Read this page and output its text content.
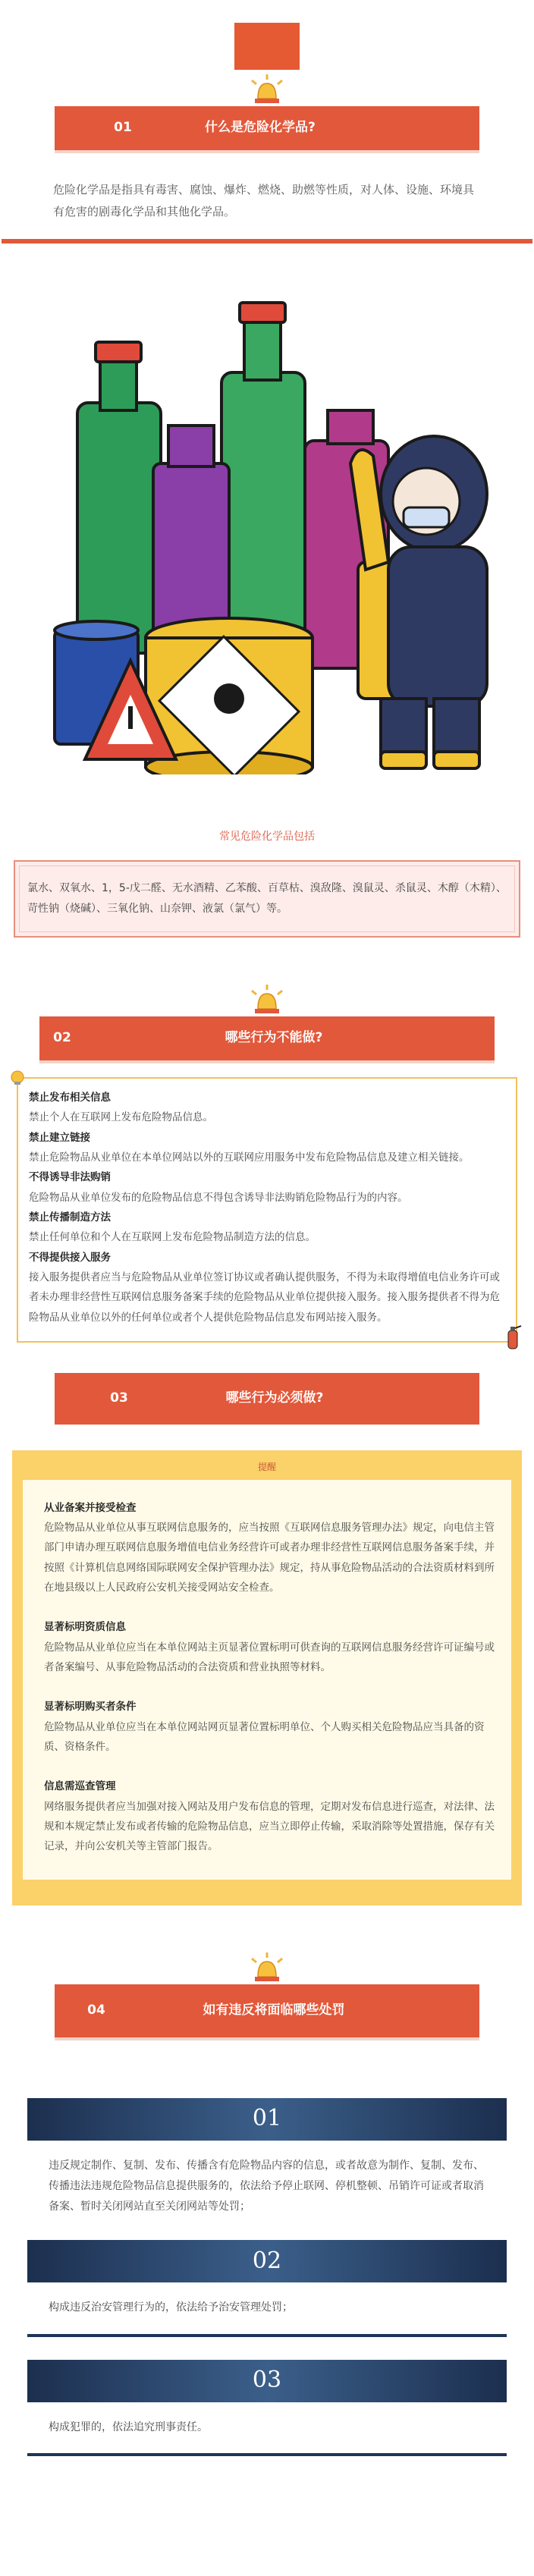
01	什么是危险化学品?
危险化学品是指具有毒害、腐蚀、爆炸、燃烧、助燃等性质，对人体、设施、环境具有危害的剧毒化学品和其他化学品。
常见危险化学品包括
氯水、双氧水、1，5-戊二醛、无水酒精、乙苯酸、百草枯、溴敌隆、溴鼠灵、杀鼠灵、木醇（木精）、苛性钠（烧碱）、三氧化钠、山奈钾、液氯（氯气）等。
02	哪些行为不能做?
禁止发布相关信息
禁止个人在互联网上发布危险物品信息。
禁止建立链接
禁止危险物品从业单位在本单位网站以外的互联网应用服务中发布危险物品信息及建立相关链接。
不得诱导非法购销
危险物品从业单位发布的危险物品信息不得包含诱导非法购销危险物品行为的内容。
禁止传播制造方法
禁止任何单位和个人在互联网上发布危险物品制造方法的信息。
不得提供接入服务
接入服务提供者应当与危险物品从业单位签订协议或者确认提供服务，不得为未取得增值电信业务许可或者未办理非经营性互联网信息服务备案手续的危险物品从业单位提供接入服务。接入服务提供者不得为危险物品从业单位以外的任何单位或者个人提供危险物品信息发布网站接入服务。
03	哪些行为必须做?
提醒
从业备案并接受检查
危险物品从业单位从事互联网信息服务的，应当按照《互联网信息服务管理办法》规定，向电信主管部门申请办理互联网信息服务增值电信业务经营许可或者办理非经营性互联网信息服务备案手续，并按照《计算机信息网络国际联网安全保护管理办法》规定，持从事危险物品活动的合法资质材料到所在地县级以上人民政府公安机关接受网站安全检查。
显著标明资质信息
危险物品从业单位应当在本单位网站主页显著位置标明可供查询的互联网信息服务经营许可证编号或者备案编号、从事危险物品活动的合法资质和营业执照等材料。
显著标明购买者条件
危险物品从业单位应当在本单位网站网页显著位置标明单位、个人购买相关危险物品应当具备的资质、资格条件。
信息需巡查管理
网络服务提供者应当加强对接入网站及用户发布信息的管理，定期对发布信息进行巡查，对法律、法规和本规定禁止发布或者传输的危险物品信息，应当立即停止传输，采取消除等处置措施，保存有关记录，并向公安机关等主管部门报告。
04	如有违反将面临哪些处罚
01
违反规定制作、复制、发布、传播含有危险物品内容的信息，或者故意为制作、复制、发布、传播违法违规危险物品信息提供服务的，依法给予停止联网、停机整顿、吊销许可证或者取消备案、暂时关闭网站直至关闭网站等处罚；
02
构成违反治安管理行为的，依法给予治安管理处罚；
03
构成犯罪的，依法追究刑事责任。
